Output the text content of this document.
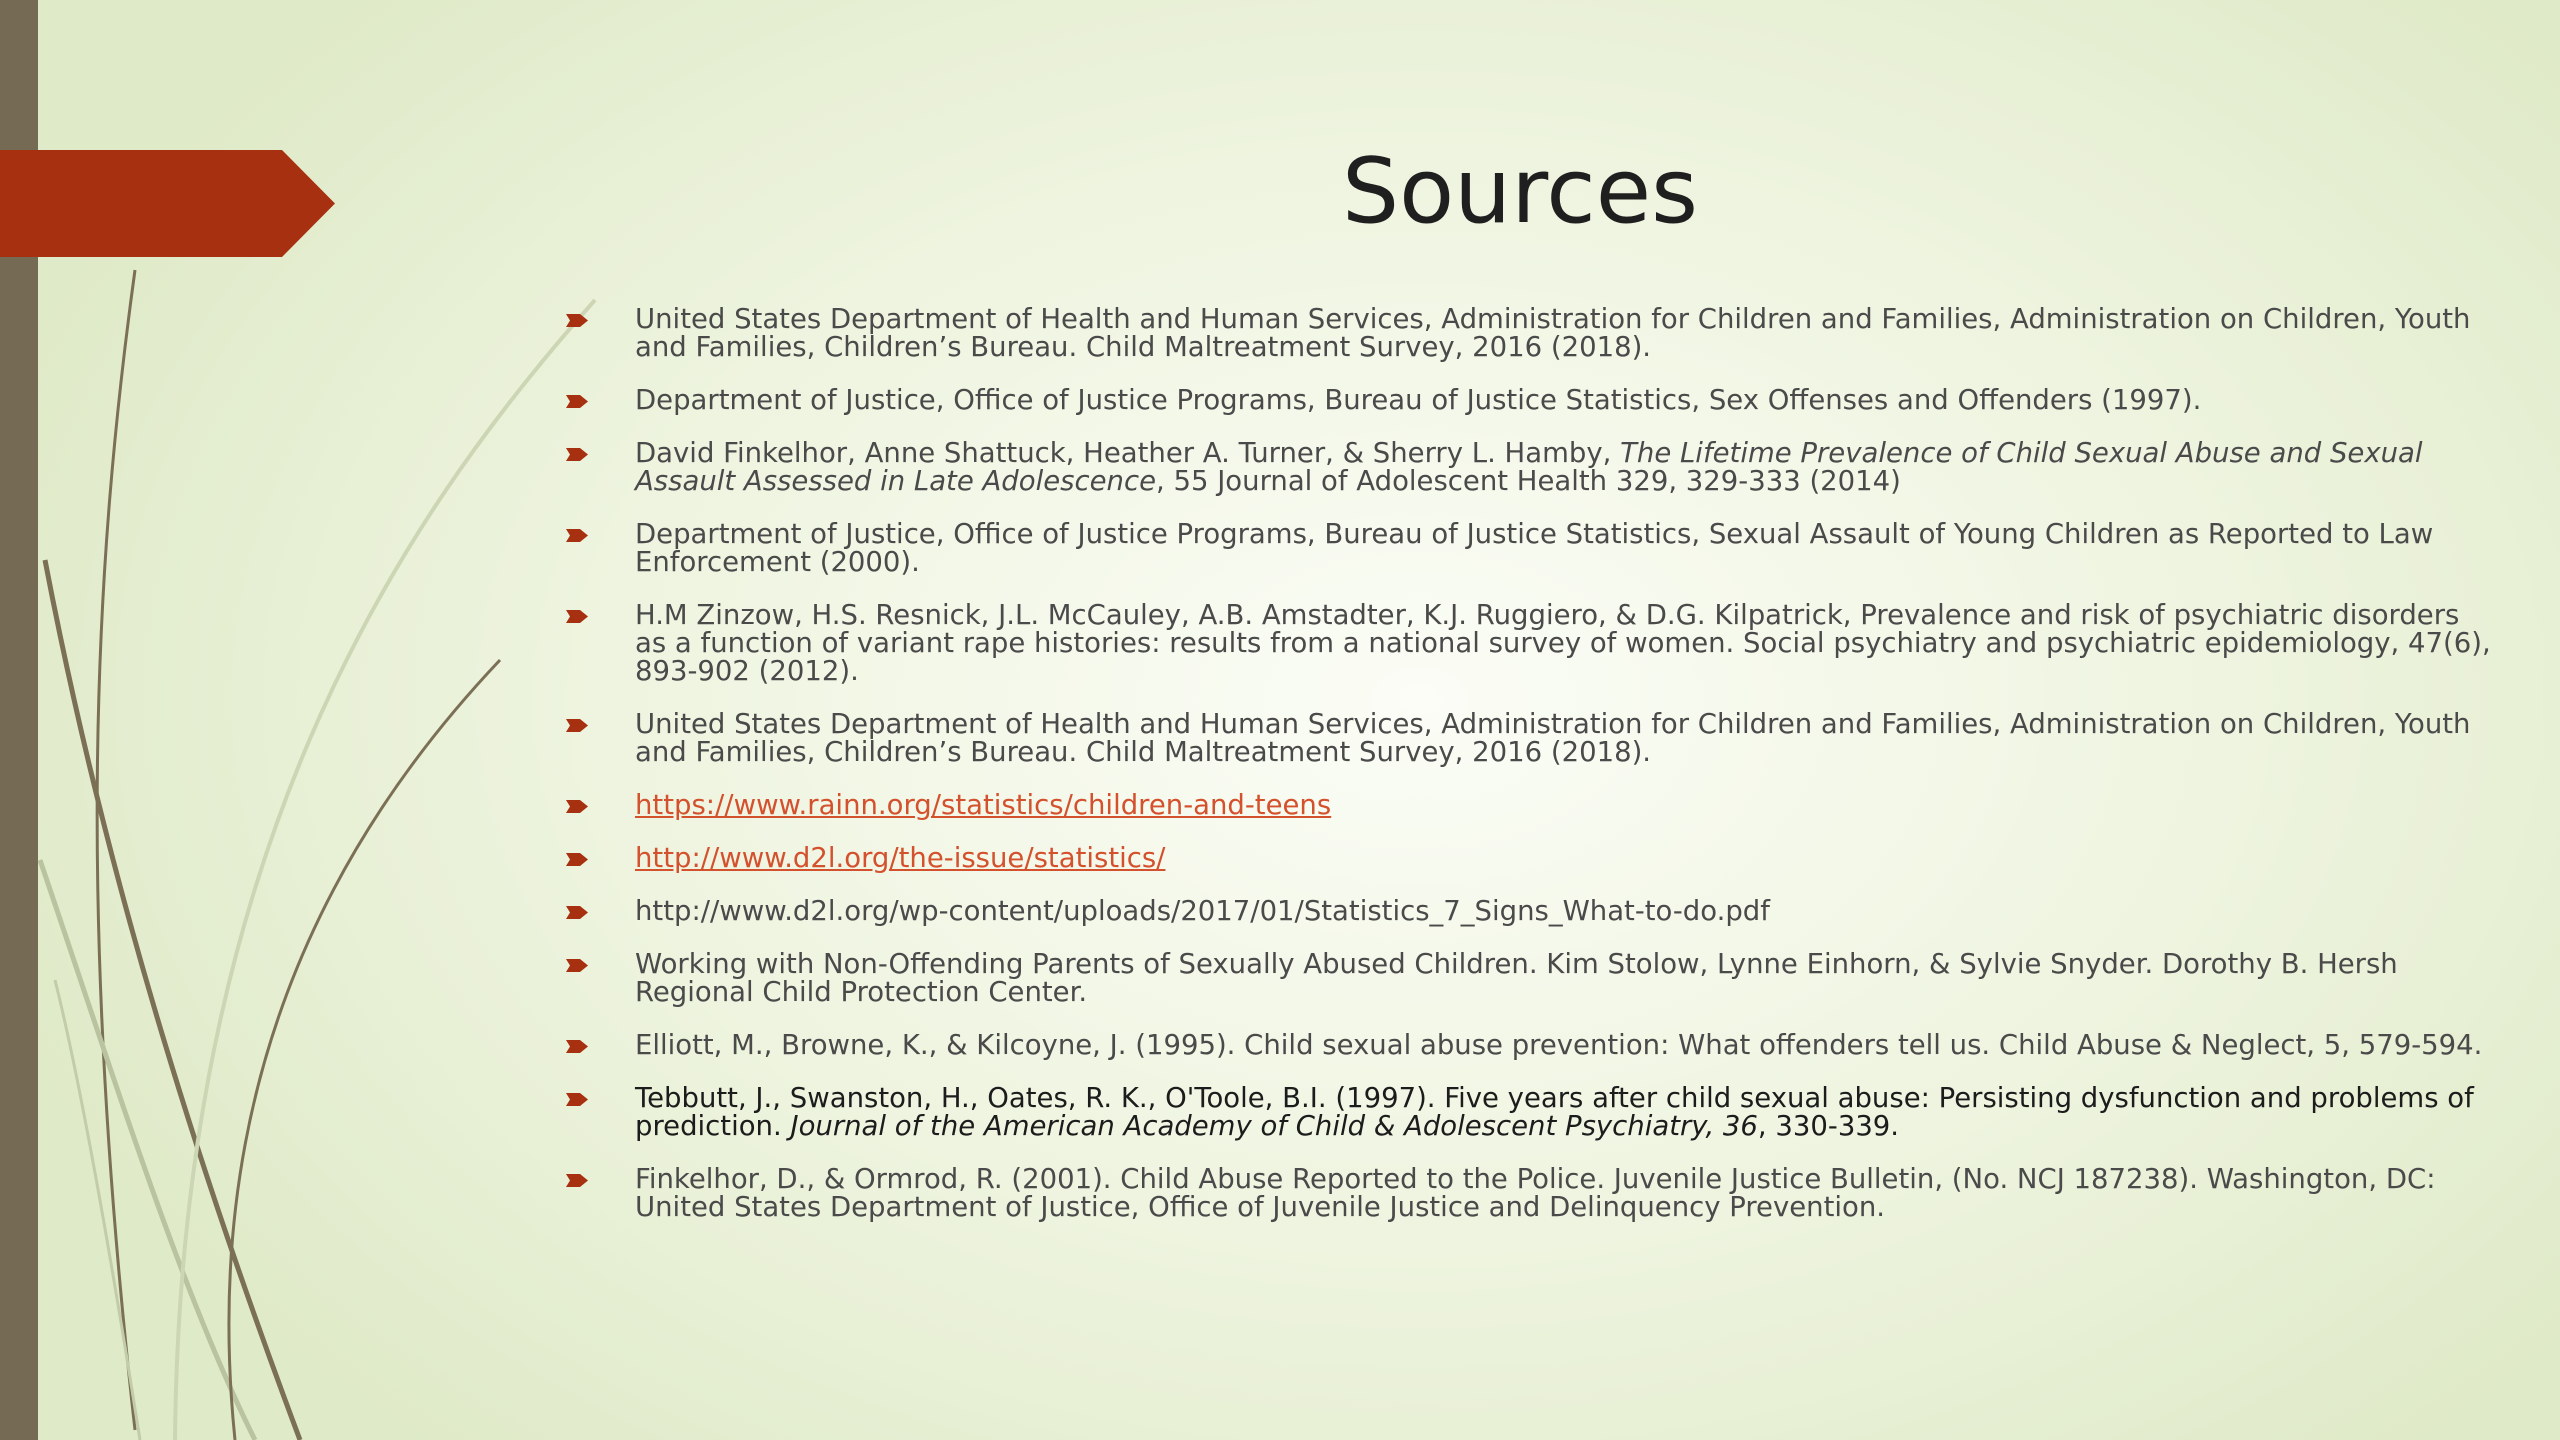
Sources
United States Department of Health and Human Services, Administration for Children and Families, Administration on Children, Youth and Families, Children’s Bureau. Child Maltreatment Survey, 2016 (2018).
Department of Justice, Office of Justice Programs, Bureau of Justice Statistics, Sex Offenses and Offenders (1997).
David Finkelhor, Anne Shattuck, Heather A. Turner, & Sherry L. Hamby, The Lifetime Prevalence of Child Sexual Abuse and Sexual Assault Assessed in Late Adolescence, 55 Journal of Adolescent Health 329, 329-333 (2014)
Department of Justice, Office of Justice Programs, Bureau of Justice Statistics, Sexual Assault of Young Children as Reported to Law Enforcement (2000).
H.M Zinzow, H.S. Resnick, J.L. McCauley, A.B. Amstadter, K.J. Ruggiero, & D.G. Kilpatrick, Prevalence and risk of psychiatric disorders as a function of variant rape histories: results from a national survey of women. Social psychiatry and psychiatric epidemiology, 47(6), 893-902 (2012).
United States Department of Health and Human Services, Administration for Children and Families, Administration on Children, Youth and Families, Children’s Bureau. Child Maltreatment Survey, 2016 (2018).
https://www.rainn.org/statistics/children-and-teens
http://www.d2l.org/the-issue/statistics/
http://www.d2l.org/wp-content/uploads/2017/01/Statistics_7_Signs_What-to-do.pdf
Working with Non-Offending Parents of Sexually Abused Children. Kim Stolow, Lynne Einhorn, & Sylvie Snyder. Dorothy B. Hersh Regional Child Protection Center.
Elliott, M., Browne, K., & Kilcoyne, J. (1995). Child sexual abuse prevention: What offenders tell us. Child Abuse & Neglect, 5, 579-594.
Tebbutt, J., Swanston, H., Oates, R. K., O'Toole, B.I. (1997). Five years after child sexual abuse: Persisting dysfunction and problems of prediction. Journal of the American Academy of Child & Adolescent Psychiatry, 36, 330-339.
Finkelhor, D., & Ormrod, R. (2001). Child Abuse Reported to the Police. Juvenile Justice Bulletin, (No. NCJ 187238). Washington, DC: United States Department of Justice, Office of Juvenile Justice and Delinquency Prevention.
